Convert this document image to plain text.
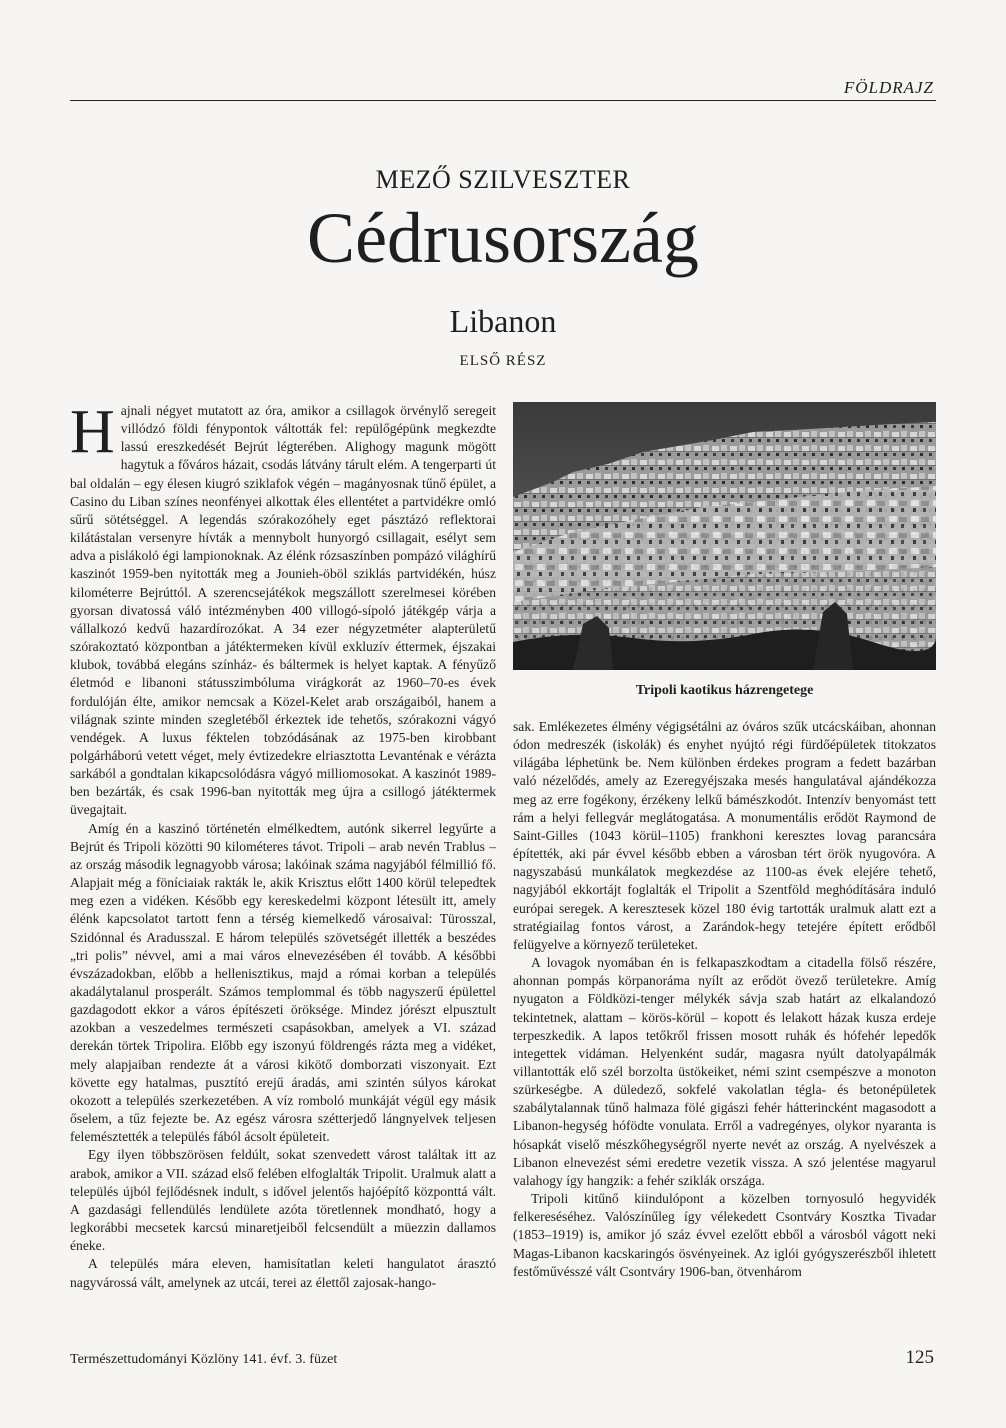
FÖLDRAJZ
MEZŐ SZILVESZTER
Cédrusország
Libanon
ELSŐ RÉSZ

Hajnali négyet mutatott az óra, amikor a csillagok örvénylő seregeit villódzó földi fénypontok váltották fel: repülőgépünk megkezdte lassú ereszkedését Bejrút légterében. Alighogy magunk mögött hagytuk a főváros házait, csodás látvány tárult elém. A tengerparti út bal oldalán – egy élesen kiugró sziklafok végén – magányosnak tűnő épület, a Casino du Liban színes neonfényei alkottak éles ellentétet a partvidékre omló sűrű sötétséggel. A legendás szórakozóhely eget pásztázó reflektorai kilátástalan versenyre hívták a mennybolt hunyorgó csillagait, esélyt sem adva a pislákoló égi lampionoknak. Az élénk rózsaszínben pompázó világhírű kaszinót 1959-ben nyitották meg a Jounieh-öböl sziklás partvidékén, húsz kilométerre Bejrúttól. A szerencsejátékok megszállott szerelmesei körében gyorsan divatossá váló intézményben 400 villogó-sípoló játékgép várja a vállalkozó kedvű hazardírozókat. A 34 ezer négyzetméter alapterületű szórakoztató központban a játéktermeken kívül exkluzív éttermek, éjszakai klubok, továbbá elegáns színház- és báltermek is helyet kaptak. A fényűző életmód e libanoni státusszimbóluma virágkorát az 1960–70-es évek fordulóján élte, amikor nemcsak a Közel-Kelet arab országaiból, hanem a világnak szinte minden szegletéből érkeztek ide tehetős, szórakozni vágyó vendégek. A luxus féktelen tobzódásának az 1975-ben kirobbant polgárháború vetett véget, mely évtizedekre elriasztotta Levanténak e vérázta sarkából a gondtalan kikapcsolódásra vágyó milliomosokat. A kaszinót 1989-ben bezárták, és csak 1996-ban nyitották meg újra a csillogó játéktermek üvegajtait.

Amíg én a kaszinó történetén elmélkedtem, autónk sikerrel legyűrte a Bejrút és Tripoli közötti 90 kilométeres távot. Tripoli – arab nevén Trablus – az ország második legnagyobb városa; lakóinak száma nagyjából félmillió fő. Alapjait még a föníciaiak rakták le, akik Krisztus előtt 1400 körül telepedtek meg ezen a vidéken. Később egy kereskedelmi központ létesült itt, amely élénk kapcsolatot tartott fenn a térség kiemelkedő városaival: Türosszal, Szidónnal és Aradusszal. E három település szövetségét illették a beszédes „tri polis” névvel, ami a mai város elnevezésében él tovább. A későbbi évszázadokban, előbb a hellenisztikus, majd a római korban a település akadálytalanul prosperált. Számos templommal és több nagyszerű épülettel gazdagodott ekkor a város építészeti öröksége. Mindez jórészt elpusztult azokban a veszedelmes természeti csapásokban, amelyek a VI. század derekán törtek Tripolira. Előbb egy iszonyú földrengés rázta meg a vidéket, mely alapjaiban rendezte át a városi kikötő domborzati viszonyait. Ezt követte egy hatalmas, pusztító erejű áradás, ami szintén súlyos károkat okozott a település szerkezetében. A víz romboló munkáját végül egy másik őselem, a tűz fejezte be. Az egész városra szétterjedő lángnyelvek teljesen felemésztették a település fából ácsolt épületeit.

Egy ilyen többszörösen feldúlt, sokat szenvedett várost találtak itt az arabok, amikor a VII. század első felében elfoglalták Tripolit. Uralmuk alatt a település újból fejlődésnek indult, s idővel jelentős hajóépítő központtá vált. A gazdasági fellendülés lendülete azóta töretlennek mondható, hogy a legkorábbi mecsetek karcsú minaretjeiből felcsendült a müezzin dallamos éneke.

A település mára eleven, hamisítatlan keleti hangulatot árasztó nagyvárossá vált, amelynek az utcái, terei az élettől zajosak-hango-

Tripoli kaotikus házrengetege

sak. Emlékezetes élmény végigsétálni az óváros szűk utcácskáiban, ahonnan ódon medreszék (iskolák) és enyhet nyújtó régi fürdőépületek titokzatos világába léphetünk be. Nem különben érdekes program a fedett bazárban való nézelődés, amely az Ezeregyéjszaka mesés hangulatával ajándékozza meg az erre fogékony, érzékeny lelkű bámészkodót. Intenzív benyomást tett rám a helyi fellegvár meglátogatása. A monumentális erődöt Raymond de Saint-Gilles (1043 körül–1105) frankhoni keresztes lovag parancsára építették, aki pár évvel később ebben a városban tért örök nyugovóra. A nagyszabású munkálatok megkezdése az 1100-as évek elejére tehető, nagyjából ekkortájt foglalták el Tripolit a Szentföld meghódítására induló európai seregek. A keresztesek közel 180 évig tartották uralmuk alatt ezt a stratégiailag fontos várost, a Zarándok-hegy tetejére épített erődből felügyelve a környező területeket.

A lovagok nyomában én is felkapaszkodtam a citadella fölső részére, ahonnan pompás körpanoráma nyílt az erődöt övező területekre. Amíg nyugaton a Földközi-tenger mélykék sávja szab határt az elkalandozó tekintetnek, alattam – körös-körül – kopott és lelakott házak kusza erdeje terpeszkedik. A lapos tetőkről frissen mosott ruhák és hófehér lepedők integettek vidáman. Helyenként sudár, magasra nyúlt datolyapálmák villantották elő szél borzolta üstökeiket, némi szint csempészve a monoton szürkeségbe. A düledező, sokfelé vakolatlan tégla- és betonépületek szabálytalannak tűnő halmaza fölé gigászi fehér hátterincként magasodott a Libanon-hegység hófödte vonulata. Erről a vadregényes, olykor nyaranta is hósapkát viselő mészkőhegységről nyerte nevét az ország. A nyelvészek a Libanon elnevezést sémi eredetre vezetik vissza. A szó jelentése magyarul valahogy így hangzik: a fehér sziklák országa.

Tripoli kitűnő kiindulópont a közelben tornyosuló hegyvidék felkereséséhez. Valószínűleg így vélekedett Csontváry Kosztka Tivadar (1853–1919) is, amikor jó száz évvel ezelőtt ebből a városból vágott neki Magas-Libanon kacskaringós ösvényeinek. Az iglói gyógyszerészből ihletett festőművésszé vált Csontváry 1906-ban, ötvenhárom

Természettudományi Közlöny 141. évf. 3. füzet	125
